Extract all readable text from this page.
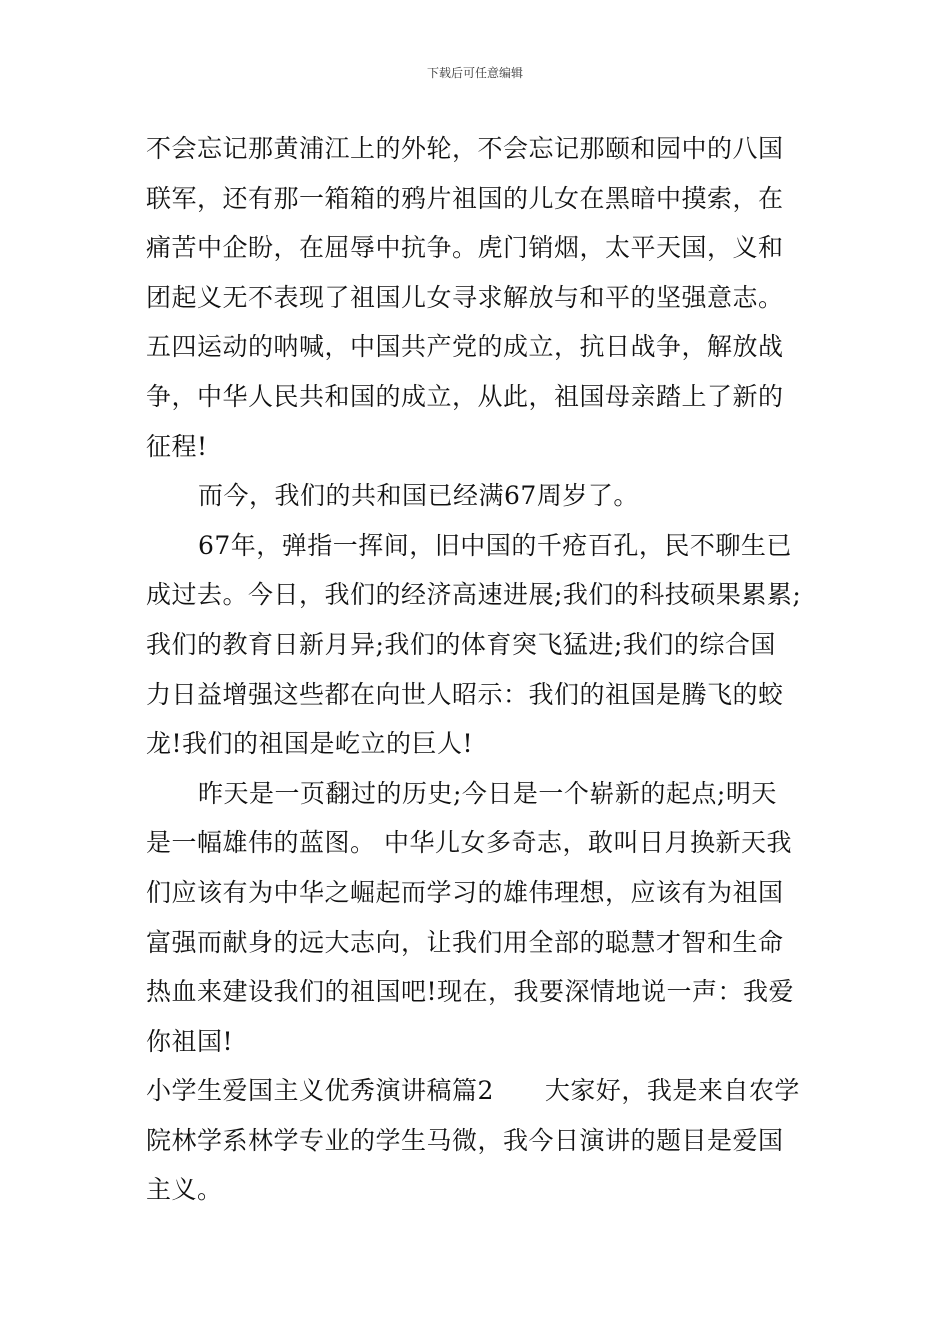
下载后可任意编辑
不会忘记那黄浦江上的外轮，不会忘记那颐和园中的八国
联军，还有那一箱箱的鸦片祖国的儿女在黑暗中摸索，在
痛苦中企盼，在屈辱中抗争。虎门销烟，太平天国，义和
团起义无不表现了祖国儿女寻求解放与和平的坚强意志。
五四运动的呐喊，中国共产党的成立，抗日战争，解放战
争，中华人民共和国的成立，从此，祖国母亲踏上了新的
征程!
而今，我们的共和国已经满67周岁了。
67年，弹指一挥间，旧中国的千疮百孔，民不聊生已
成过去。今日，我们的经济高速进展;我们的科技硕果累累;
我们的教育日新月异;我们的体育突飞猛进;我们的综合国
力日益增强这些都在向世人昭示：我们的祖国是腾飞的蛟
龙!我们的祖国是屹立的巨人!
昨天是一页翻过的历史;今日是一个崭新的起点;明天
是一幅雄伟的蓝图。 中华儿女多奇志，敢叫日月换新天我
们应该有为中华之崛起而学习的雄伟理想，应该有为祖国
富强而献身的远大志向，让我们用全部的聪慧才智和生命
热血来建设我们的祖国吧!现在，我要深情地说一声：我爱
你祖国!
小学生爱国主义优秀演讲稿篇2　　大家好，我是来自农学
院林学系林学专业的学生马微，我今日演讲的题目是爱国
主义。
